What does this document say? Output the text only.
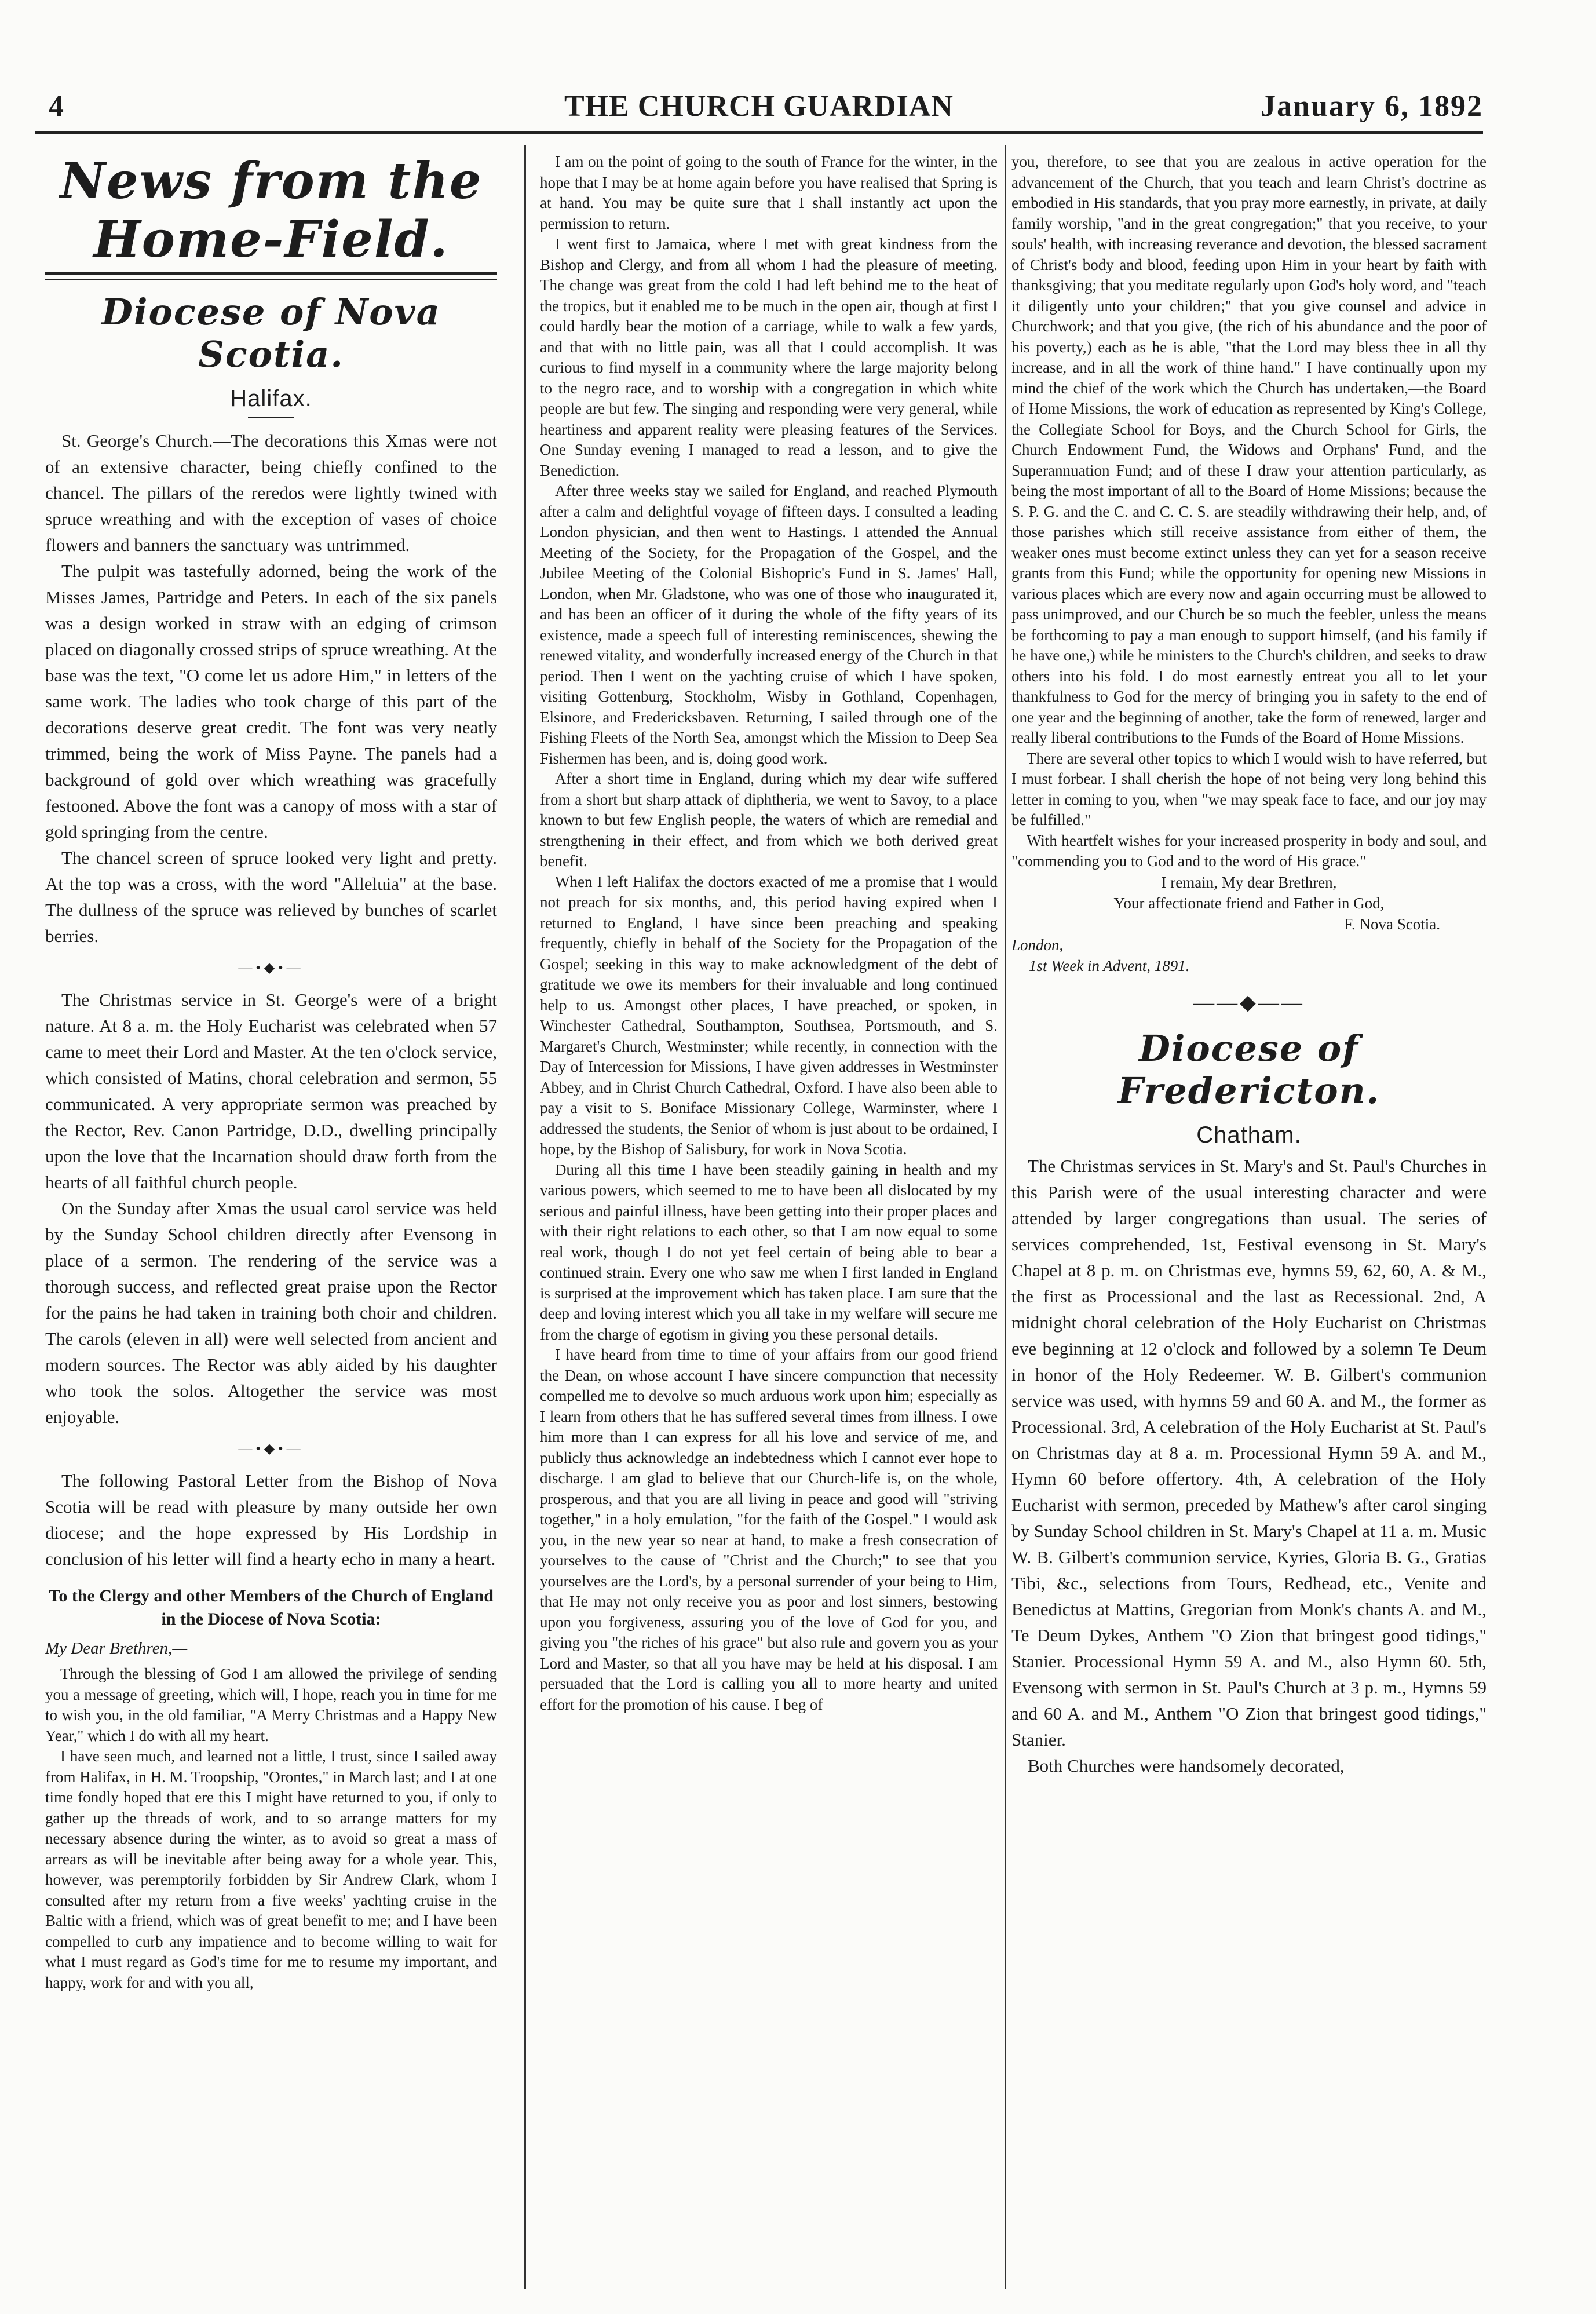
4	THE CHURCH GUARDIAN	January 6, 1892
News from the Home-Field.
Diocese of Nova Scotia.
Halifax.

St. George's Church.—The decorations this Xmas were not of an extensive character, being chiefly confined to the chancel. The pillars of the reredos were lightly twined with spruce wreathing and with the exception of vases of choice flowers and banners the sanctuary was untrimmed.

The pulpit was tastefully adorned, being the work of the Misses James, Partridge and Peters. In each of the six panels was a design worked in straw with an edging of crimson placed on diagonally crossed strips of spruce wreathing. At the base was the text, "O come let us adore Him," in letters of the same work. The ladies who took charge of this part of the decorations deserve great credit. The font was very neatly trimmed, being the work of Miss Payne. The panels had a background of gold over which wreathing was gracefully festooned. Above the font was a canopy of moss with a star of gold springing from the centre.

The chancel screen of spruce looked very light and pretty. At the top was a cross, with the word "Alleluia" at the base. The dullness of the spruce was relieved by bunches of scarlet berries.

—•◆•—

The Christmas service in St. George's were of a bright nature. At 8 a. m. the Holy Eucharist was celebrated when 57 came to meet their Lord and Master. At the ten o'clock service, which consisted of Matins, choral celebration and sermon, 55 communicated. A very appropriate sermon was preached by the Rector, Rev. Canon Partridge, D.D., dwelling principally upon the love that the Incarnation should draw forth from the hearts of all faithful church people.

On the Sunday after Xmas the usual carol service was held by the Sunday School children directly after Evensong in place of a sermon. The rendering of the service was a thorough success, and reflected great praise upon the Rector for the pains he had taken in training both choir and children. The carols (eleven in all) were well selected from ancient and modern sources. The Rector was ably aided by his daughter who took the solos. Altogether the service was most enjoyable.

—•◆•—

The following Pastoral Letter from the Bishop of Nova Scotia will be read with pleasure by many outside her own diocese; and the hope expressed by His Lordship in conclusion of his letter will find a hearty echo in many a heart.

To the Clergy and other Members of the Church of England in the Diocese of Nova Scotia:
My Dear Brethren,—

Through the blessing of God I am allowed the privilege of sending you a message of greeting, which will, I hope, reach you in time for me to wish you, in the old familiar, "A Merry Christmas and a Happy New Year," which I do with all my heart.

I have seen much, and learned not a little, I trust, since I sailed away from Halifax, in H. M. Troopship, "Orontes," in March last; and I at one time fondly hoped that ere this I might have returned to you, if only to gather up the threads of work, and to so arrange matters for my necessary absence during the winter, as to avoid so great a mass of arrears as will be inevitable after being away for a whole year. This, however, was peremptorily forbidden by Sir Andrew Clark, whom I consulted after my return from a five weeks' yachting cruise in the Baltic with a friend, which was of great benefit to me; and I have been compelled to curb any impatience and to become willing to wait for what I must regard as God's time for me to resume my important, and happy, work for and with you all,

I am on the point of going to the south of France for the winter, in the hope that I may be at home again before you have realised that Spring is at hand. You may be quite sure that I shall instantly act upon the permission to return.

I went first to Jamaica, where I met with great kindness from the Bishop and Clergy, and from all whom I had the pleasure of meeting. The change was great from the cold I had left behind me to the heat of the tropics, but it enabled me to be much in the open air, though at first I could hardly bear the motion of a carriage, while to walk a few yards, and that with no little pain, was all that I could accomplish. It was curious to find myself in a community where the large majority belong to the negro race, and to worship with a congregation in which white people are but few. The singing and responding were very general, while heartiness and apparent reality were pleasing features of the Services. One Sunday evening I managed to read a lesson, and to give the Benediction.

After three weeks stay we sailed for England, and reached Plymouth after a calm and delightful voyage of fifteen days. I consulted a leading London physician, and then went to Hastings. I attended the Annual Meeting of the Society, for the Propagation of the Gospel, and the Jubilee Meeting of the Colonial Bishopric's Fund in S. James' Hall, London, when Mr. Gladstone, who was one of those who inaugurated it, and has been an officer of it during the whole of the fifty years of its existence, made a speech full of interesting reminiscences, shewing the renewed vitality, and wonderfully increased energy of the Church in that period. Then I went on the yachting cruise of which I have spoken, visiting Gottenburg, Stockholm, Wisby in Gothland, Copenhagen, Elsinore, and Fredericksbaven. Returning, I sailed through one of the Fishing Fleets of the North Sea, amongst which the Mission to Deep Sea Fishermen has been, and is, doing good work.

After a short time in England, during which my dear wife suffered from a short but sharp attack of diphtheria, we went to Savoy, to a place known to but few English people, the waters of which are remedial and strengthening in their effect, and from which we both derived great benefit.

When I left Halifax the doctors exacted of me a promise that I would not preach for six months, and, this period having expired when I returned to England, I have since been preaching and speaking frequently, chiefly in behalf of the Society for the Propagation of the Gospel; seeking in this way to make acknowledgment of the debt of gratitude we owe its members for their invaluable and long continued help to us. Amongst other places, I have preached, or spoken, in Winchester Cathedral, Southampton, Southsea, Portsmouth, and S. Margaret's Church, Westminster; while recently, in connection with the Day of Intercession for Missions, I have given addresses in Westminster Abbey, and in Christ Church Cathedral, Oxford. I have also been able to pay a visit to S. Boniface Missionary College, Warminster, where I addressed the students, the Senior of whom is just about to be ordained, I hope, by the Bishop of Salisbury, for work in Nova Scotia.

During all this time I have been steadily gaining in health and my various powers, which seemed to me to have been all dislocated by my serious and painful illness, have been getting into their proper places and with their right relations to each other, so that I am now equal to some real work, though I do not yet feel certain of being able to bear a continued strain. Every one who saw me when I first landed in England is surprised at the improvement which has taken place. I am sure that the deep and loving interest which you all take in my welfare will secure me from the charge of egotism in giving you these personal details.

I have heard from time to time of your affairs from our good friend the Dean, on whose account I have sincere compunction that necessity compelled me to devolve so much arduous work upon him; especially as I learn from others that he has suffered several times from illness. I owe him more than I can express for all his love and service of me, and publicly thus acknowledge an indebtedness which I cannot ever hope to discharge. I am glad to believe that our Church-life is, on the whole, prosperous, and that you are all living in peace and good will "striving together," in a holy emulation, "for the faith of the Gospel." I would ask you, in the new year so near at hand, to make a fresh consecration of yourselves to the cause of "Christ and the Church;" to see that you yourselves are the Lord's, by a personal surrender of your being to Him, that He may not only receive you as poor and lost sinners, bestowing upon you forgiveness, assuring you of the love of God for you, and giving you "the riches of his grace" but also rule and govern you as your Lord and Master, so that all you have may be held at his disposal. I am persuaded that the Lord is calling you all to more hearty and united effort for the promotion of his cause. I beg of

you, therefore, to see that you are zealous in active operation for the advancement of the Church, that you teach and learn Christ's doctrine as embodied in His standards, that you pray more earnestly, in private, at daily family worship, "and in the great congregation;" that you receive, to your souls' health, with increasing reverance and devotion, the blessed sacrament of Christ's body and blood, feeding upon Him in your heart by faith with thanksgiving; that you meditate regularly upon God's holy word, and "teach it diligently unto your children;" that you give counsel and advice in Churchwork; and that you give, (the rich of his abundance and the poor of his poverty,) each as he is able, "that the Lord may bless thee in all thy increase, and in all the work of thine hand." I have continually upon my mind the chief of the work which the Church has undertaken,—the Board of Home Missions, the work of education as represented by King's College, the Collegiate School for Boys, and the Church School for Girls, the Church Endowment Fund, the Widows and Orphans' Fund, and the Superannuation Fund; and of these I draw your attention particularly, as being the most important of all to the Board of Home Missions; because the S. P. G. and the C. and C. C. S. are steadily withdrawing their help, and, of those parishes which still receive assistance from either of them, the weaker ones must become extinct unless they can yet for a season receive grants from this Fund; while the opportunity for opening new Missions in various places which are every now and again occurring must be allowed to pass unimproved, and our Church be so much the feebler, unless the means be forthcoming to pay a man enough to support himself, (and his family if he have one,) while he ministers to the Church's children, and seeks to draw others into his fold. I do most earnestly entreat you all to let your thankfulness to God for the mercy of bringing you in safety to the end of one year and the beginning of another, take the form of renewed, larger and really liberal contributions to the Funds of the Board of Home Missions.

There are several other topics to which I would wish to have referred, but I must forbear. I shall cherish the hope of not being very long behind this letter in coming to you, when "we may speak face to face, and our joy may be fulfilled."

With heartfelt wishes for your increased prosperity in body and soul, and "commending you to God and to the word of His grace."

I remain, My dear Brethren,
Your affectionate friend and Father in God,
F. Nova Scotia.
London,
1st Week in Advent, 1891.
——◆——
Diocese of Fredericton.
Chatham.

The Christmas services in St. Mary's and St. Paul's Churches in this Parish were of the usual interesting character and were attended by larger congregations than usual. The series of services comprehended, 1st, Festival evensong in St. Mary's Chapel at 8 p. m. on Christmas eve, hymns 59, 62, 60, A. & M., the first as Processional and the last as Recessional. 2nd, A midnight choral celebration of the Holy Eucharist on Christmas eve beginning at 12 o'clock and followed by a solemn Te Deum in honor of the Holy Redeemer. W. B. Gilbert's communion service was used, with hymns 59 and 60 A. and M., the former as Processional. 3rd, A celebration of the Holy Eucharist at St. Paul's on Christmas day at 8 a. m. Processional Hymn 59 A. and M., Hymn 60 before offertory. 4th, A celebration of the Holy Eucharist with sermon, preceded by Mathew's after carol singing by Sunday School children in St. Mary's Chapel at 11 a. m. Music W. B. Gilbert's communion service, Kyries, Gloria B. G., Gratias Tibi, &c., selections from Tours, Redhead, etc., Venite and Benedictus at Mattins, Gregorian from Monk's chants A. and M., Te Deum Dykes, Anthem "O Zion that bringest good tidings," Stanier. Processional Hymn 59 A. and M., also Hymn 60. 5th, Evensong with sermon in St. Paul's Church at 3 p. m., Hymns 59 and 60 A. and M., Anthem "O Zion that bringest good tidings," Stanier.

Both Churches were handsomely decorated,
